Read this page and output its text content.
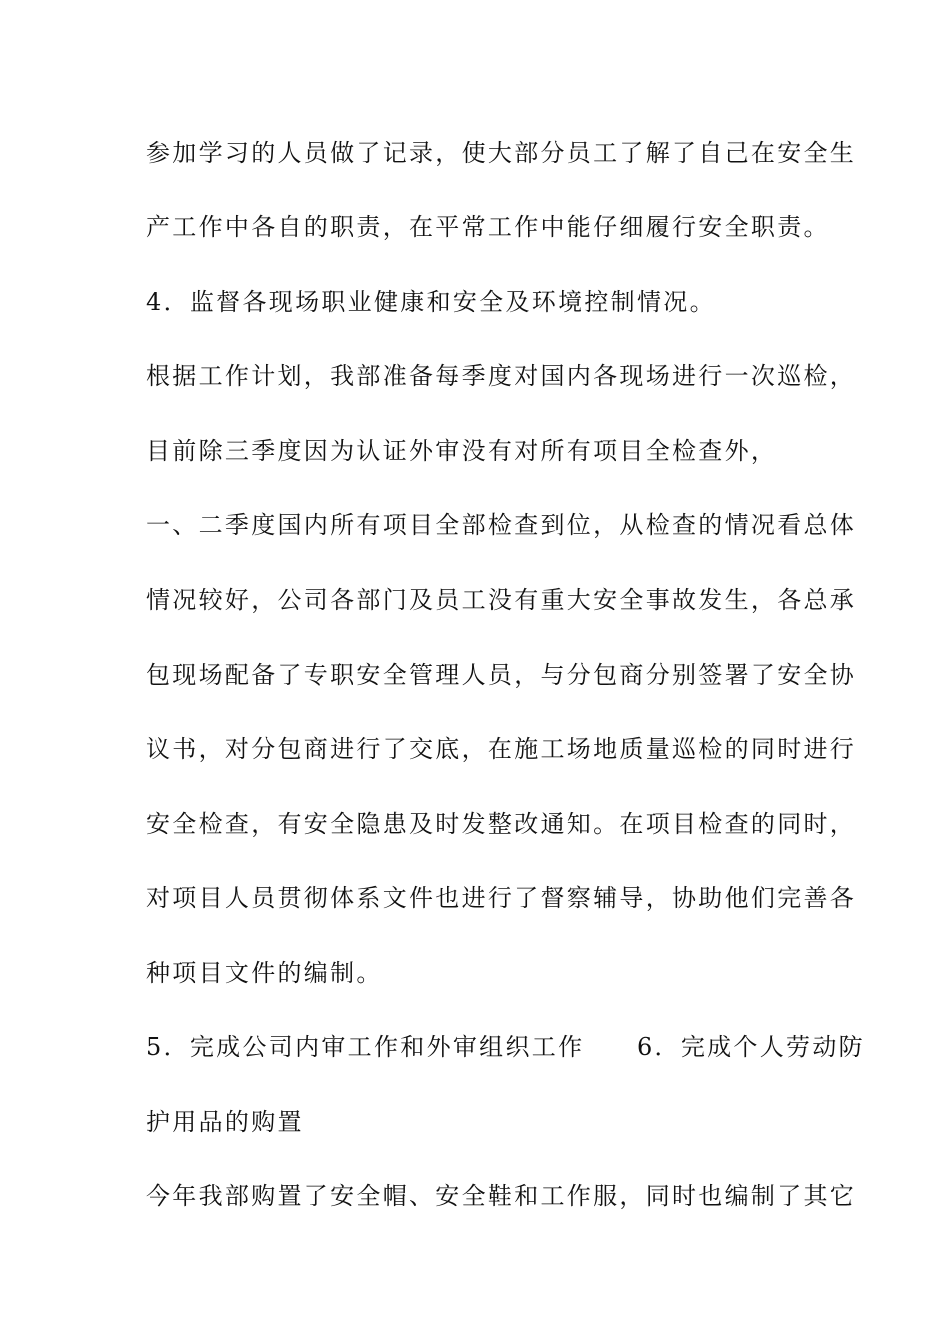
参加学习的人员做了记录，使大部分员工了解了自己在安全生
产工作中各自的职责，在平常工作中能仔细履行安全职责。
4．监督各现场职业健康和安全及环境控制情况。
根据工作计划，我部准备每季度对国内各现场进行一次巡检，
目前除三季度因为认证外审没有对所有项目全检查外，
一、二季度国内所有项目全部检查到位，从检查的情况看总体
情况较好，公司各部门及员工没有重大安全事故发生，各总承
包现场配备了专职安全管理人员，与分包商分别签署了安全协
议书，对分包商进行了交底，在施工场地质量巡检的同时进行
安全检查，有安全隐患及时发整改通知。在项目检查的同时，
对项目人员贯彻体系文件也进行了督察辅导，协助他们完善各
种项目文件的编制。
5．完成公司内审工作和外审组织工作　　6．完成个人劳动防
护用品的购置
今年我部购置了安全帽、安全鞋和工作服，同时也编制了其它
